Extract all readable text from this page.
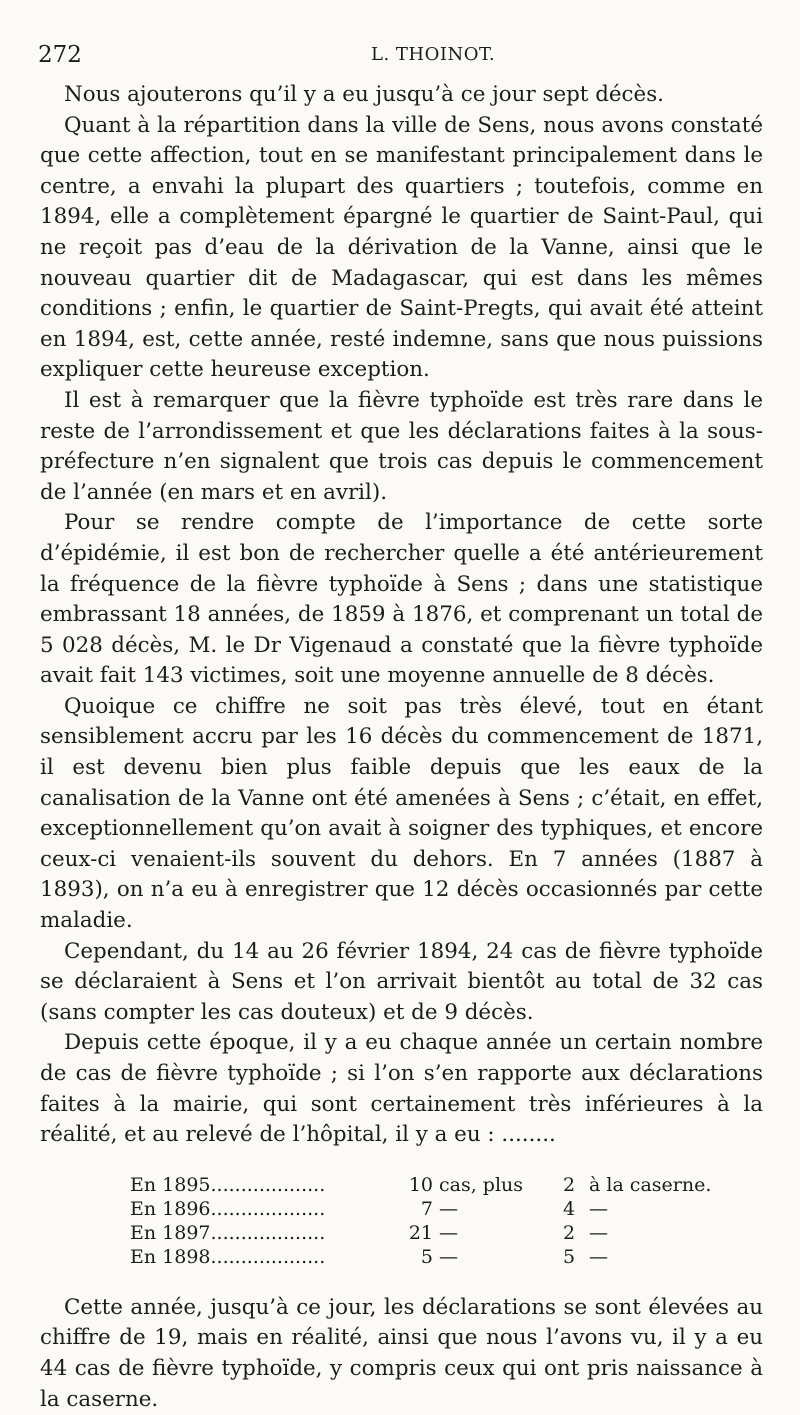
272	L. THOINOT.

Nous ajouterons qu’il y a eu jusqu’à ce jour sept décès.

Quant à la répartition dans la ville de Sens, nous avons constaté que cette affection, tout en se manifestant principalement dans le centre, a envahi la plupart des quartiers ; toutefois, comme en 1894, elle a complètement épargné le quartier de Saint-Paul, qui ne reçoit pas d’eau de la dérivation de la Vanne, ainsi que le nouveau quartier dit de Madagascar, qui est dans les mêmes conditions ; enfin, le quartier de Saint-Pregts, qui avait été atteint en 1894, est, cette année, resté indemne, sans que nous puissions expliquer cette heureuse exception.

Il est à remarquer que la fièvre typhoïde est très rare dans le reste de l’arrondissement et que les déclarations faites à la sous-préfecture n’en signalent que trois cas depuis le commencement de l’année (en mars et en avril).

Pour se rendre compte de l’importance de cette sorte d’épidémie, il est bon de rechercher quelle a été antérieurement la fréquence de la fièvre typhoïde à Sens ; dans une statistique embrassant 18 années, de 1859 à 1876, et comprenant un total de 5 028 décès, M. le Dr Vigenaud a constaté que la fièvre typhoïde avait fait 143 victimes, soit une moyenne annuelle de 8 décès.

Quoique ce chiffre ne soit pas très élevé, tout en étant sensiblement accru par les 16 décès du commencement de 1871, il est devenu bien plus faible depuis que les eaux de la canalisation de la Vanne ont été amenées à Sens ; c’était, en effet, exceptionnellement qu’on avait à soigner des typhiques, et encore ceux-ci venaient-ils souvent du dehors. En 7 années (1887 à 1893), on n’a eu à enregistrer que 12 décès occasionnés par cette maladie.

Cependant, du 14 au 26 février 1894, 24 cas de fièvre typhoïde se déclaraient à Sens et l’on arrivait bientôt au total de 32 cas (sans compter les cas douteux) et de 9 décès.

Depuis cette époque, il y a eu chaque année un certain nombre de cas de fièvre typhoïde ; si l’on s’en rapporte aux déclarations faites à la mairie, qui sont certainement très inférieures à la réalité, et au relevé de l’hôpital, il y a eu : ........

En 1895...................	10 cas, plus	2 à la caserne.
En 1896...................	7 —	4 —
En 1897...................	21 —	2 —
En 1898...................	5 —	5 —

Cette année, jusqu’à ce jour, les déclarations se sont élevées au chiffre de 19, mais en réalité, ainsi que nous l’avons vu, il y a eu 44 cas de fièvre typhoïde, y compris ceux qui ont pris naissance à la caserne.
